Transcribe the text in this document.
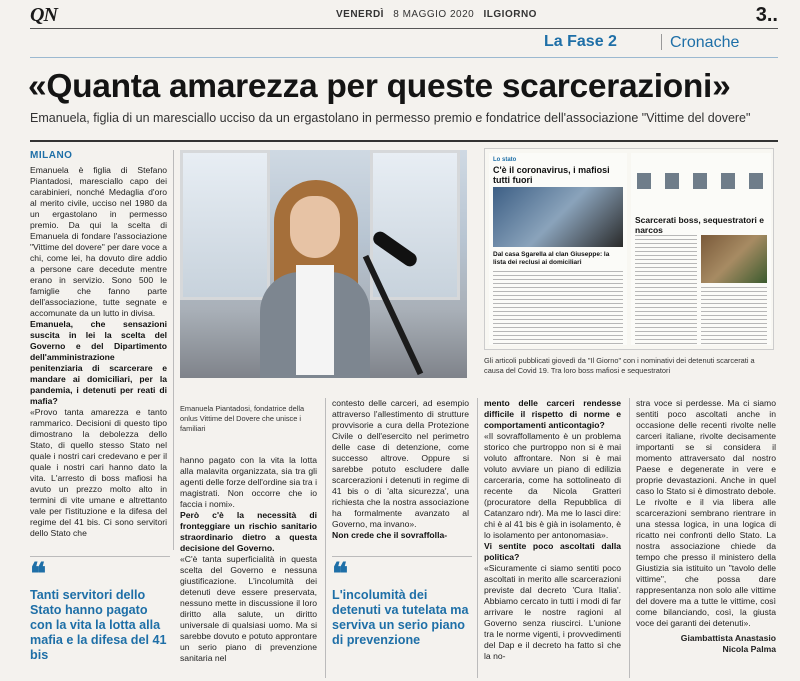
QN	VENERDÌ 8 MAGGIO 2020 ILGIORNO	3..
La Fase 2	Cronache
«Quanta amarezza per queste scarcerazioni»
Emanuela, figlia di un maresciallo ucciso da un ergastolano in permesso premio e fondatrice dell'associazione "Vittime del dovere"
MILANO

Emanuela è figlia di Stefano Piantadosi, maresciallo capo dei carabinieri, nonché Medaglia d'oro al merito civile, ucciso nel 1980 da un ergastolano in permesso premio. Da qui la scelta di Emanuela di fondare l'associazione "Vittime del dovere" per dare voce a chi, come lei, ha dovuto dire addio a persone care decedute mentre erano in servizio. Sono 500 le famiglie che fanno parte dell'associazione, tutte segnate e accomunate da un lutto in divisa.

Emanuela, che sensazioni suscita in lei la scelta del Governo e del Dipartimento dell'amministrazione penitenziaria di scarcerare e mandare ai domiciliari, per la pandemia, i detenuti per reati di mafia?

«Provo tanta amarezza e tanto rammarico. Decisioni di questo tipo dimostrano la debolezza dello Stato, di quello stesso Stato nel quale i nostri cari credevano e per il quale i nostri cari hanno dato la vita. L'arresto di boss mafiosi ha avuto un prezzo molto alto in termini di vite umane e altrettanto vale per l'istituzione e la difesa del regime del 41 bis. Ci sono servitori dello Stato che

Emanuela Piantadosi, fondatrice della onlus Vittime del Dovere che unisce i familiari

hanno pagato con la vita la lotta alla malavita organizzata, sia tra gli agenti delle forze dell'ordine sia tra i magistrati. Non occorre che io faccia i nomi».

Però c'è la necessità di fronteggiare un rischio sanitario straordinario dietro a questa decisione del Governo.

«C'è tanta superficialità in questa scelta del Governo e nessuna giustificazione. L'incolumità dei detenuti deve essere preservata, nessuno mette in discussione il loro diritto alla salute, un diritto universale di qualsiasi uomo. Ma si sarebbe dovuto e potuto approntare un serio piano di prevenzione sanitaria nel

contesto delle carceri, ad esempio attraverso l'allestimento di strutture provvisorie a cura della Protezione Civile o dell'esercito nel perimetro delle case di detenzione, come successo altrove. Oppure si sarebbe potuto escludere dalle scarcerazioni i detenuti in regime di 41 bis o di 'alta sicurezza', una richiesta che la nostra associazione ha formalmente avanzato al Governo, ma invano».

Non crede che il sovraffolla-

Lo stato
C'è il coronavirus, i mafiosi tutti fuori
Dal casa Sgarella al clan Giuseppe: la lista dei reclusi ai domiciliari
Scarcerati boss, sequestratori e narcos
Gli articoli pubblicati giovedì da "Il Giorno" con i nominativi dei detenuti scarcerati a causa del Covid 19. Tra loro boss mafiosi e sequestratori

mento delle carceri rendesse difficile il rispetto di norme e comportamenti anticontagio?

«Il sovraffollamento è un problema storico che purtroppo non si è mai voluto affrontare. Non si è mai voluto avviare un piano di edilizia carceraria, come ha sottolineato di recente da Nicola Gratteri (procuratore della Repubblica di Catanzaro ndr). Ma me lo lasci dire: chi è al 41 bis è già in isolamento, è lo isolamento per antonomasia».

Vi sentite poco ascoltati dalla politica?

«Sicuramente ci siamo sentiti poco ascoltati in merito alle scarcerazioni previste dal decreto 'Cura Italia'. Abbiamo cercato in tutti i modi di far arrivare le nostre ragioni al Governo senza riuscirci. L'unione tra le norme vigenti, i provvedimenti del Dap e il decreto ha fatto sì che la no-

stra voce si perdesse. Ma ci siamo sentiti poco ascoltati anche in occasione delle recenti rivolte nelle carceri italiane, rivolte decisamente importanti se si considera il momento attraversato dal nostro Paese e degenerate in vere e proprie devastazioni. Anche in quel caso lo Stato si è dimostrato debole. Le rivolte e il via libera alle scarcerazioni sembrano rientrare in una stessa logica, in una logica di ricatto nei confronti dello Stato. La nostra associazione chiede da tempo che presso il ministero della Giustizia sia istituito un "tavolo delle vittime", che possa dare rappresentanza non solo alle vittime del dovere ma a tutte le vittime, così come bilanciando, così, la giusta voce dei garanti dei detenuti».

Giambattista Anastasio
Nicola Palma
❝
Tanti servitori dello Stato hanno pagato con la vita la lotta alla mafia e la difesa del 41 bis
❝
L'incolumità dei detenuti va tutelata ma serviva un serio piano di prevenzione
